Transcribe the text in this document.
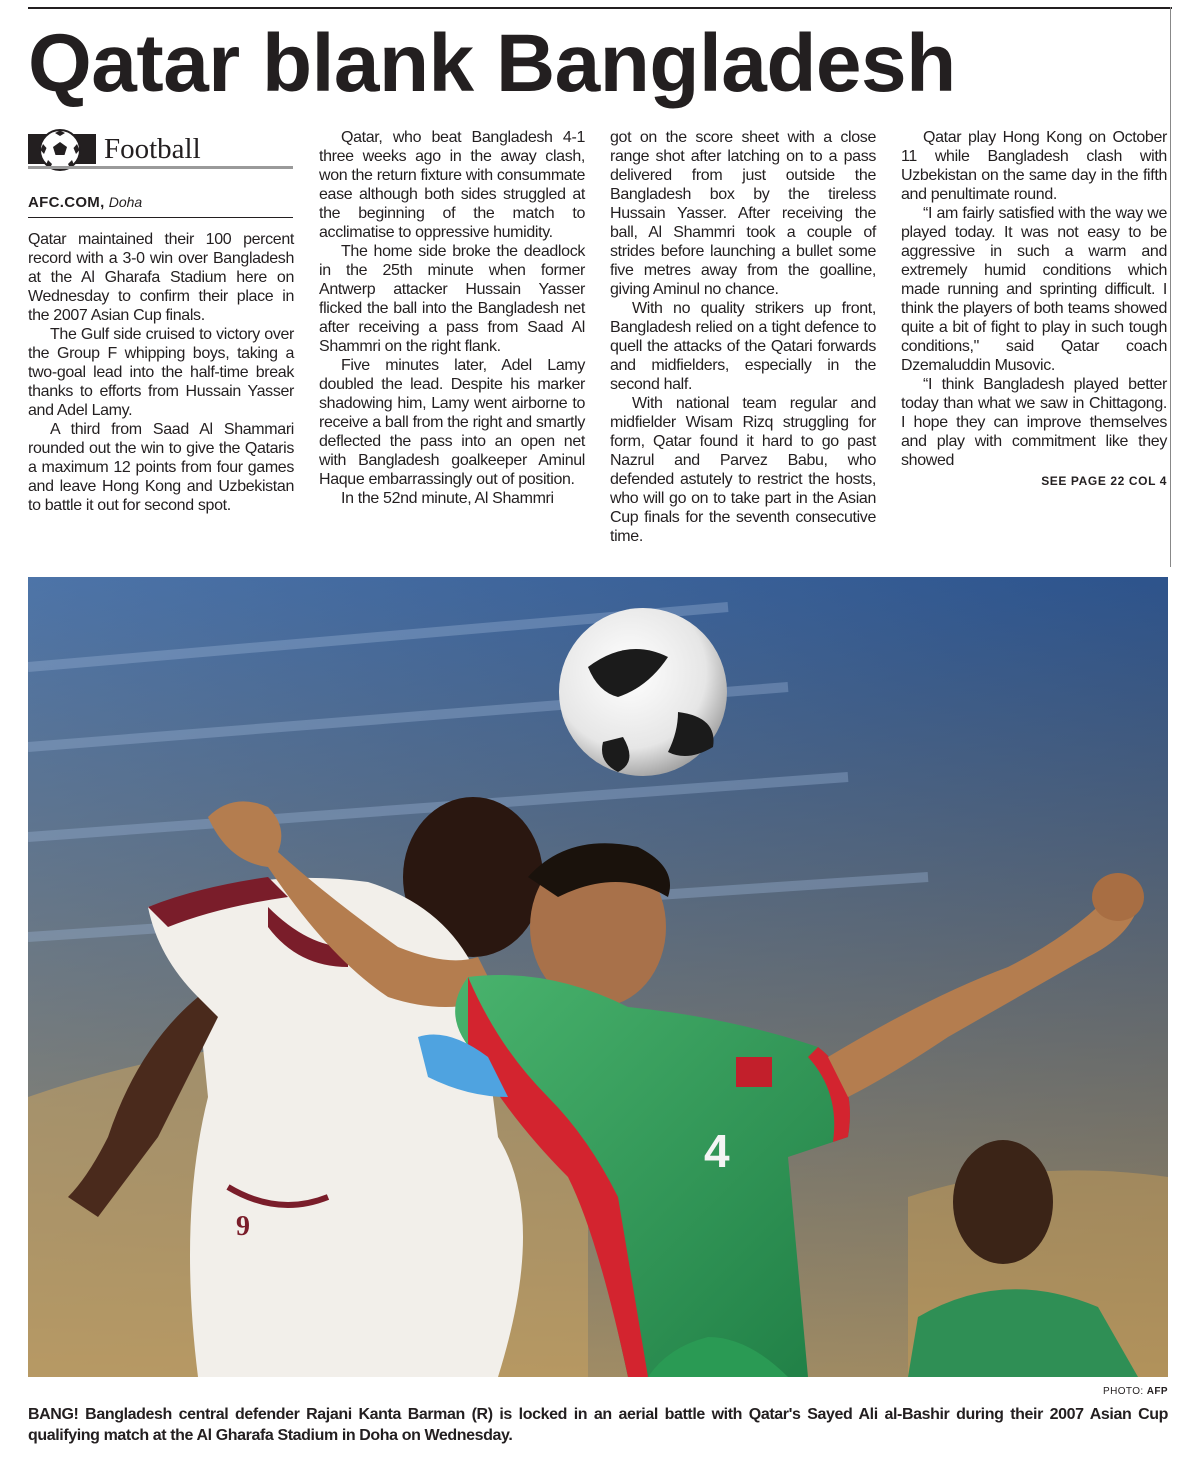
Qatar blank Bangladesh
Football
AFC.COM, Doha

Qatar maintained their 100 percent record with a 3-0 win over Bangladesh at the Al Gharafa Stadium here on Wednesday to confirm their place in the 2007 Asian Cup finals.

The Gulf side cruised to victory over the Group F whipping boys, taking a two-goal lead into the half-time break thanks to efforts from Hussain Yasser and Adel Lamy.

A third from Saad Al Shammari rounded out the win to give the Qataris a maximum 12 points from four games and leave Hong Kong and Uzbekistan to battle it out for second spot.

Qatar, who beat Bangladesh 4-1 three weeks ago in the away clash, won the return fixture with consummate ease although both sides struggled at the beginning of the match to acclimatise to oppressive humidity.

The home side broke the deadlock in the 25th minute when former Antwerp attacker Hussain Yasser flicked the ball into the Bangladesh net after receiving a pass from Saad Al Shammri on the right flank.

Five minutes later, Adel Lamy doubled the lead. Despite his marker shadowing him, Lamy went airborne to receive a ball from the right and smartly deflected the pass into an open net with Bangladesh goalkeeper Aminul Haque embarrassingly out of position.

In the 52nd minute, Al Shammri

got on the score sheet with a close range shot after latching on to a pass delivered from just outside the Bangladesh box by the tireless Hussain Yasser. After receiving the ball, Al Shammri took a couple of strides before launching a bullet some five metres away from the goalline, giving Aminul no chance.

With no quality strikers up front, Bangladesh relied on a tight defence to quell the attacks of the Qatari forwards and midfielders, especially in the second half.

With national team regular and midfielder Wisam Rizq struggling for form, Qatar found it hard to go past Nazrul and Parvez Babu, who defended astutely to restrict the hosts, who will go on to take part in the Asian Cup finals for the seventh consecutive time.

Qatar play Hong Kong on October 11 while Bangladesh clash with Uzbekistan on the same day in the fifth and penultimate round.

“I am fairly satisfied with the way we played today. It was not easy to be aggressive in such a warm and extremely humid conditions which made running and sprinting difficult. I think the players of both teams showed quite a bit of fight to play in such tough conditions," said Qatar coach Dzemaluddin Musovic.

“I think Bangladesh played better today than what we saw in Chittagong. I hope they can improve themselves and play with commitment like they showed

SEE PAGE 22 COL 4
9
4
PHOTO: AFP

BANG! Bangladesh central defender Rajani Kanta Barman (R) is locked in an aerial battle with Qatar's Sayed Ali al-Bashir during their 2007 Asian Cup qualifying match at the Al Gharafa Stadium in Doha on Wednesday.
